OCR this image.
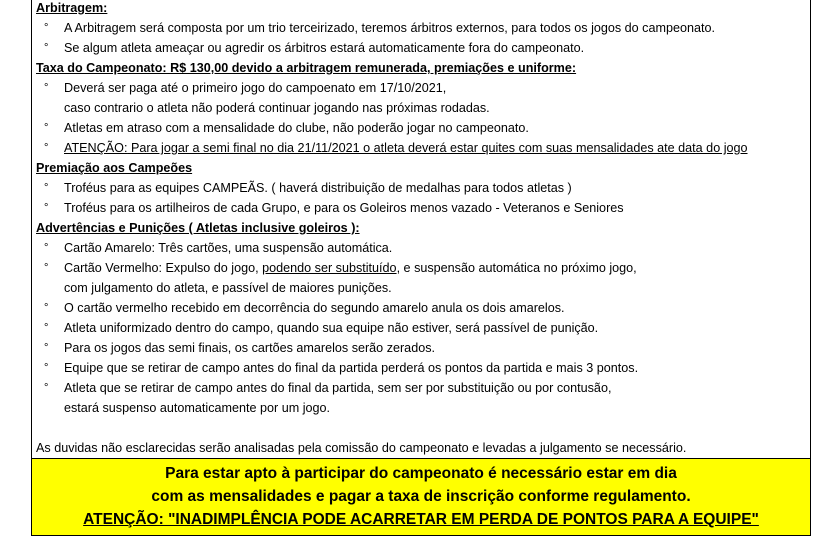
Arbitragem:
° A Arbitragem será composta por um trio terceirizado, teremos árbitros externos, para todos os jogos do campeonato.
° Se algum atleta ameaçar ou agredir os árbitros estará automaticamente fora do campeonato.
Taxa do Campeonato: R$ 130,00 devido a arbitragem remunerada, premiações e uniforme:
° Deverá ser paga até o primeiro jogo do campoenato em 17/10/2021,
caso contrario o atleta não poderá continuar jogando nas próximas rodadas.
° Atletas em atraso com a mensalidade do clube, não poderão jogar no campeonato.
° ATENÇÃO: Para jogar a semi final no dia 21/11/2021 o atleta deverá estar quites com suas mensalidades ate data do jogo
Premiação aos Campeões
° Troféus para as equipes CAMPEÃS. ( haverá distribuição de medalhas para todos atletas )
° Troféus para os artilheiros de cada Grupo, e para os Goleiros menos vazado - Veteranos e Seniores
Advertências e Punições ( Atletas inclusive goleiros ):
° Cartão Amarelo: Três cartões, uma suspensão automática.
° Cartão Vermelho: Expulso do jogo, podendo ser substituído, e suspensão automática no próximo jogo,
com julgamento do atleta, e passível de maiores punições.
° O cartão vermelho recebido em decorrência do segundo amarelo anula os dois amarelos.
° Atleta uniformizado dentro do campo, quando sua equipe não estiver, será passível de punição.
° Para os jogos das semi finais, os cartões amarelos serão zerados.
° Equipe que se retirar de campo antes do final da partida perderá os pontos da partida e mais 3 pontos.
° Atleta que se retirar de campo antes do final da partida, sem ser por substituição ou por contusão,
estará suspenso automaticamente por um jogo.
As duvidas não esclarecidas serão analisadas pela comissão do campeonato e levadas a julgamento se necessário.
Para estar apto à participar do campeonato é necessário estar em dia
com as mensalidades e pagar a taxa de inscrição conforme regulamento.
ATENÇÃO: "INADIMPLÊNCIA PODE ACARRETAR EM PERDA DE PONTOS PARA A EQUIPE"
